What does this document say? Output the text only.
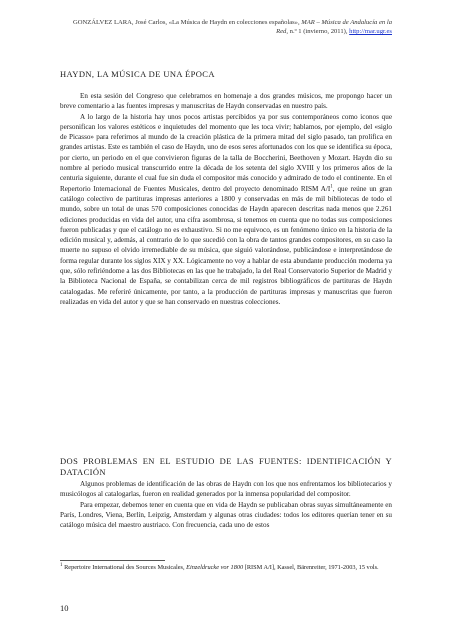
GONZÁLVEZ LARA, José Carlos, «La Música de Haydn en colecciones españolas», MAR – Música de Andalucía en la Red, n.º 1 (invierno, 2011), http://mar.ugr.es
HAYDN, LA MÚSICA DE UNA ÉPOCA

En esta sesión del Congreso que celebramos en homenaje a dos grandes músicos, me propongo hacer un breve comentario a las fuentes impresas y manuscritas de Haydn conservadas en nuestro país.

A lo largo de la historia hay unos pocos artistas percibidos ya por sus contemporáneos como iconos que personifican los valores estéticos e inquietudes del momento que les toca vivir; hablamos, por ejemplo, del «siglo de Picasso» para referirnos al mundo de la creación plástica de la primera mitad del siglo pasado, tan prolífica en grandes artistas. Este es también el caso de Haydn, uno de esos seres afortunados con los que se identifica su época, por cierto, un periodo en el que convivieron figuras de la talla de Boccherini, Beethoven y Mozart. Haydn dio su nombre al periodo musical transcurrido entre la década de los setenta del siglo XVIII y los primeros años de la centuria siguiente, durante el cual fue sin duda el compositor más conocido y admirado de todo el continente. En el Repertorio Internacional de Fuentes Musicales, dentro del proyecto denominado RISM $A/I^1$, que reúne un gran catálogo colectivo de partituras impresas anteriores a 1800 y conservadas en más de mil bibliotecas de todo el mundo, sobre un total de unas 570 composiciones conocidas de Haydn aparecen descritas nada menos que 2.261 ediciones producidas en vida del autor, una cifra asombrosa, si tenemos en cuenta que no todas sus composiciones fueron publicadas y que el catálogo no es exhaustivo. Si no me equivoco, es un fenómeno único en la historia de la edición musical y, además, al contrario de lo que sucedió con la obra de tantos grandes compositores, en su caso la muerte no supuso el olvido irremediable de su música, que siguió valorándose, publicándose e interpretándose de forma regular durante los siglos XIX y XX. Lógicamente no voy a hablar de esta abundante producción moderna ya que, sólo refiriéndome a las dos Bibliotecas en las que he trabajado, la del Real Conservatorio Superior de Madrid y la Biblioteca Nacional de España, se contabilizan cerca de mil registros bibliográficos de partituras de Haydn catalogadas. Me referiré únicamente, por tanto, a la producción de partituras impresas y manuscritas que fueron realizadas en vida del autor y que se han conservado en nuestras colecciones.

DOS PROBLEMAS EN EL ESTUDIO DE LAS FUENTES: IDENTIFICACIÓN Y DATACIÓN

Algunos problemas de identificación de las obras de Haydn con los que nos enfrentamos los bibliotecarios y musicólogos al catalogarlas, fueron en realidad generados por la inmensa popularidad del compositor.

Para empezar, debemos tener en cuenta que en vida de Haydn se publicaban obras suyas simultáneamente en París, Londres, Viena, Berlín, Leipzig, Amsterdam y algunas otras ciudades: todos los editores querían tener en su catálogo música del maestro austriaco. Con frecuencia, cada uno de estos

$^1$ Repertoire International des Sources Musicales, Einzeldrucke vor 1800 [RISM A/I], Kassel, Bärenreiter, 1971-2003, 15 vols.

10
